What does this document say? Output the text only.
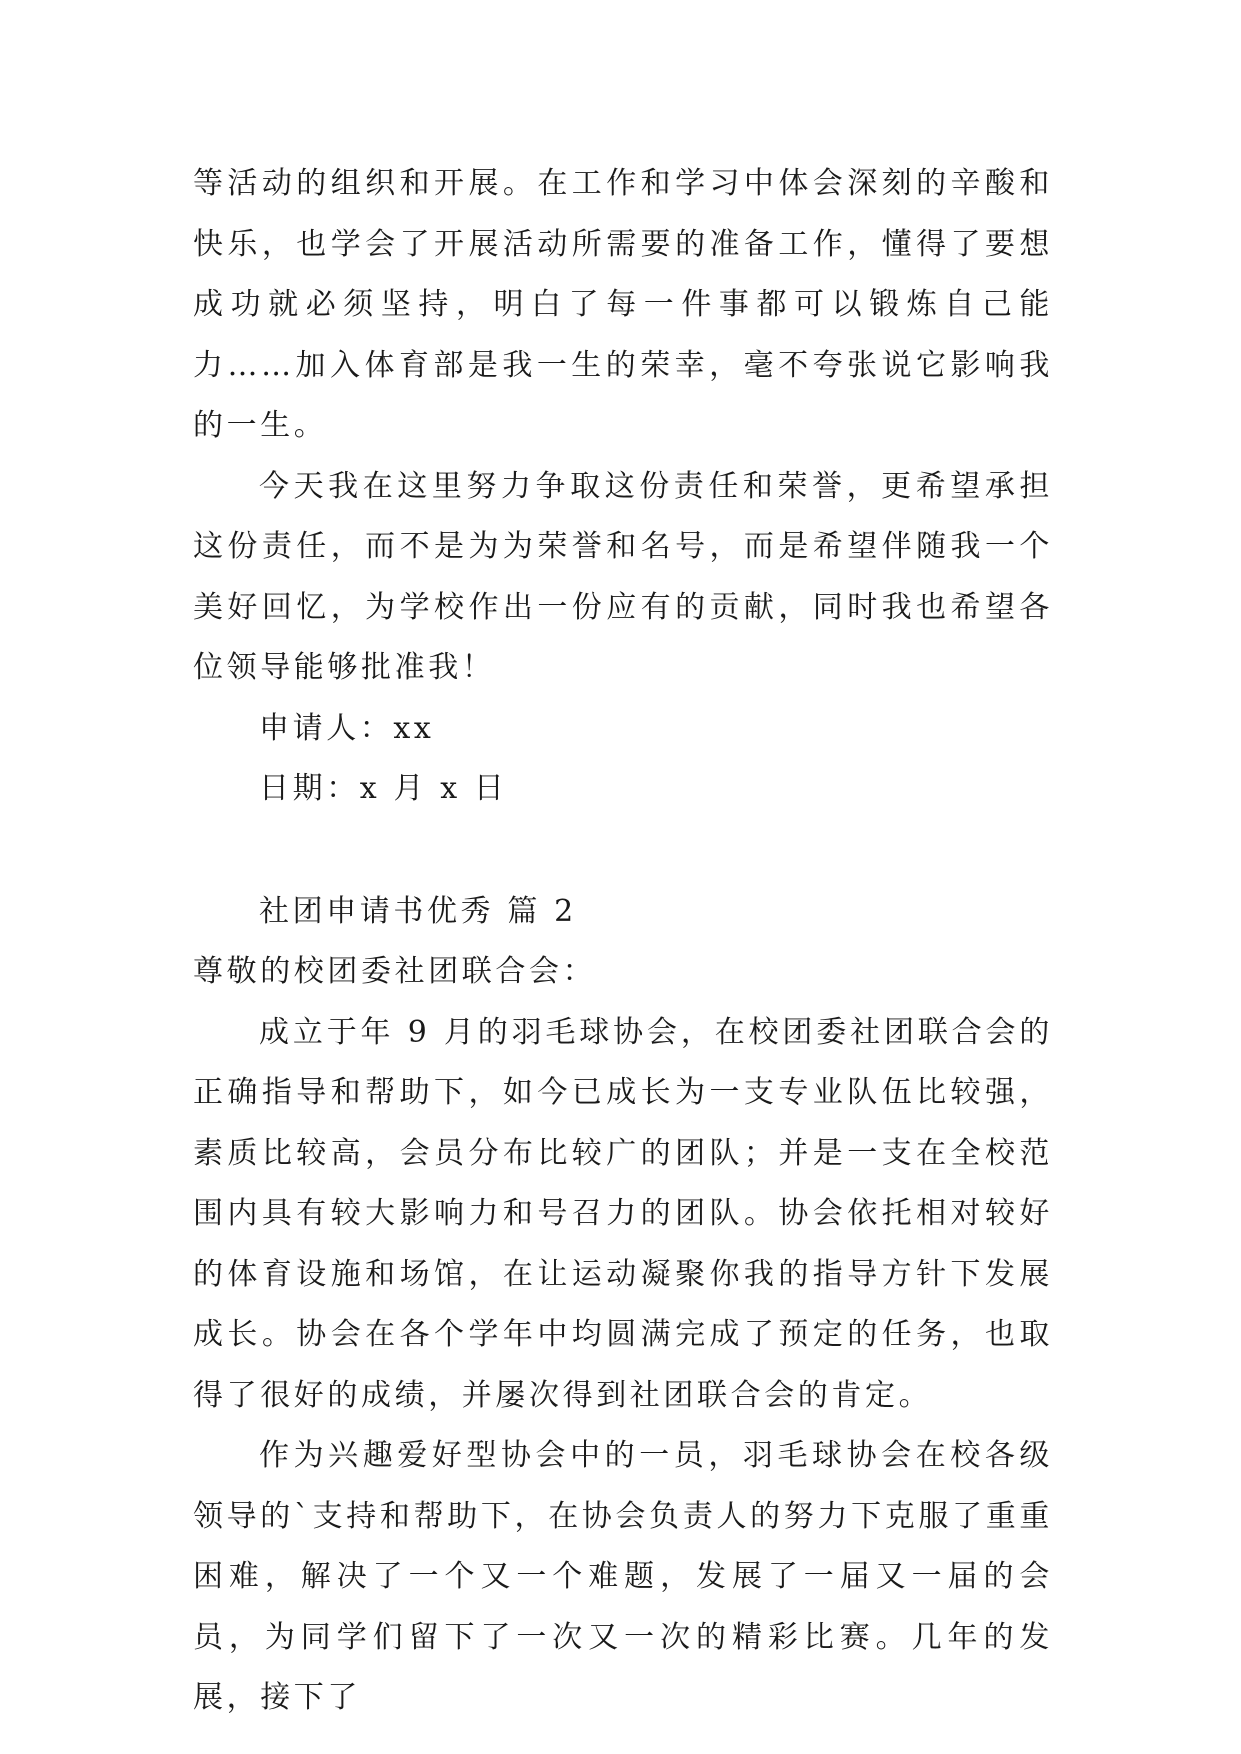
等活动的组织和开展。在工作和学习中体会深刻的辛酸和快乐，也学会了开展活动所需要的准备工作，懂得了要想成功就必须坚持，明白了每一件事都可以锻炼自己能力……加入体育部是我一生的荣幸，毫不夸张说它影响我的一生。

今天我在这里努力争取这份责任和荣誉，更希望承担这份责任，而不是为为荣誉和名号，而是希望伴随我一个美好回忆，为学校作出一份应有的贡献，同时我也希望各位领导能够批准我！

申请人：xx

日期：x 月 x 日

社团申请书优秀 篇 2

尊敬的校团委社团联合会：

成立于年 9 月的羽毛球协会，在校团委社团联合会的正确指导和帮助下，如今已成长为一支专业队伍比较强，素质比较高，会员分布比较广的团队；并是一支在全校范围内具有较大影响力和号召力的团队。协会依托相对较好的体育设施和场馆，在让运动凝聚你我的指导方针下发展成长。协会在各个学年中均圆满完成了预定的任务，也取得了很好的成绩，并屡次得到社团联合会的肯定。

作为兴趣爱好型协会中的一员，羽毛球协会在校各级领导的`支持和帮助下，在协会负责人的努力下克服了重重困难，解决了一个又一个难题，发展了一届又一届的会员，为同学们留下了一次又一次的精彩比赛。几年的发展，接下了
